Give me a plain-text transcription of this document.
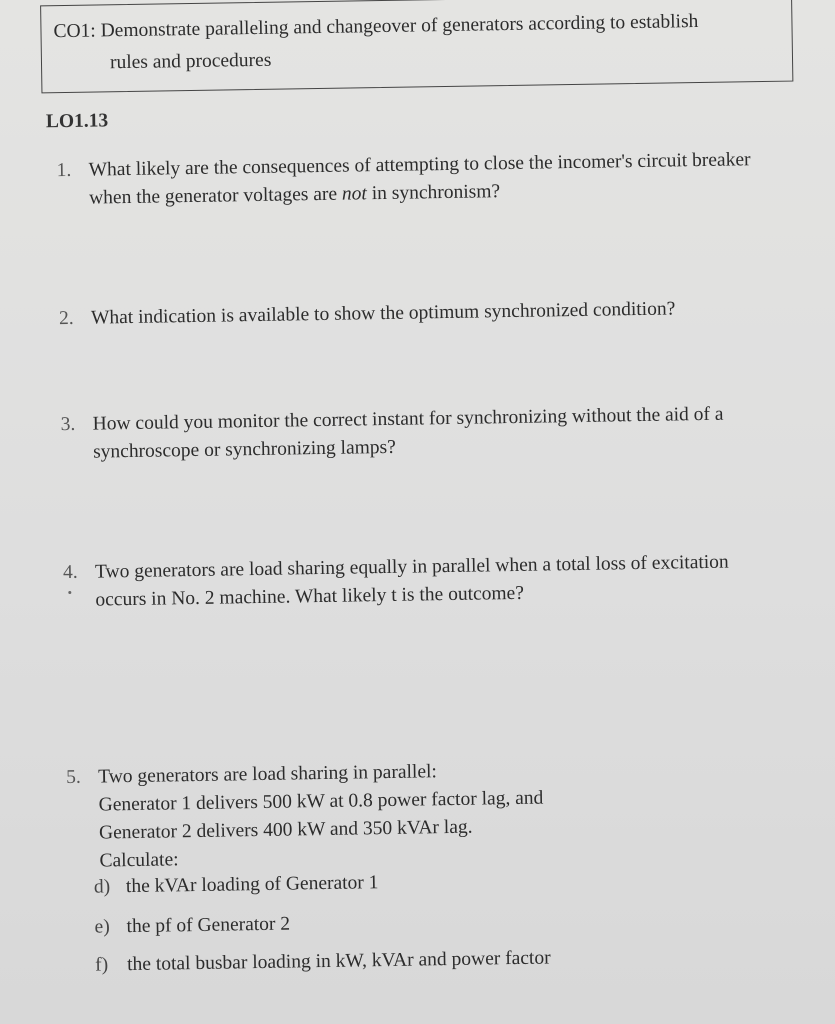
CO1: Demonstrate paralleling and changeover of generators according to establish
rules and procedures
LO1.13
1. What likely are the consequences of attempting to close the incomer's circuit breaker
when the generator voltages are not in synchronism?
2. What indication is available to show the optimum synchronized condition?
3. How could you monitor the correct instant for synchronizing without the aid of a
synchroscope or synchronizing lamps?
4. Two generators are load sharing equally in parallel when a total loss of excitation
occurs in No. 2 machine. What likely t is the outcome?
5. Two generators are load sharing in parallel:
Generator 1 delivers 500 kW at 0.8 power factor lag, and
Generator 2 delivers 400 kW and 350 kVAr lag.
Calculate:
d) the kVAr loading of Generator 1
e) the pf of Generator 2
f) the total busbar loading in kW, kVAr and power factor
